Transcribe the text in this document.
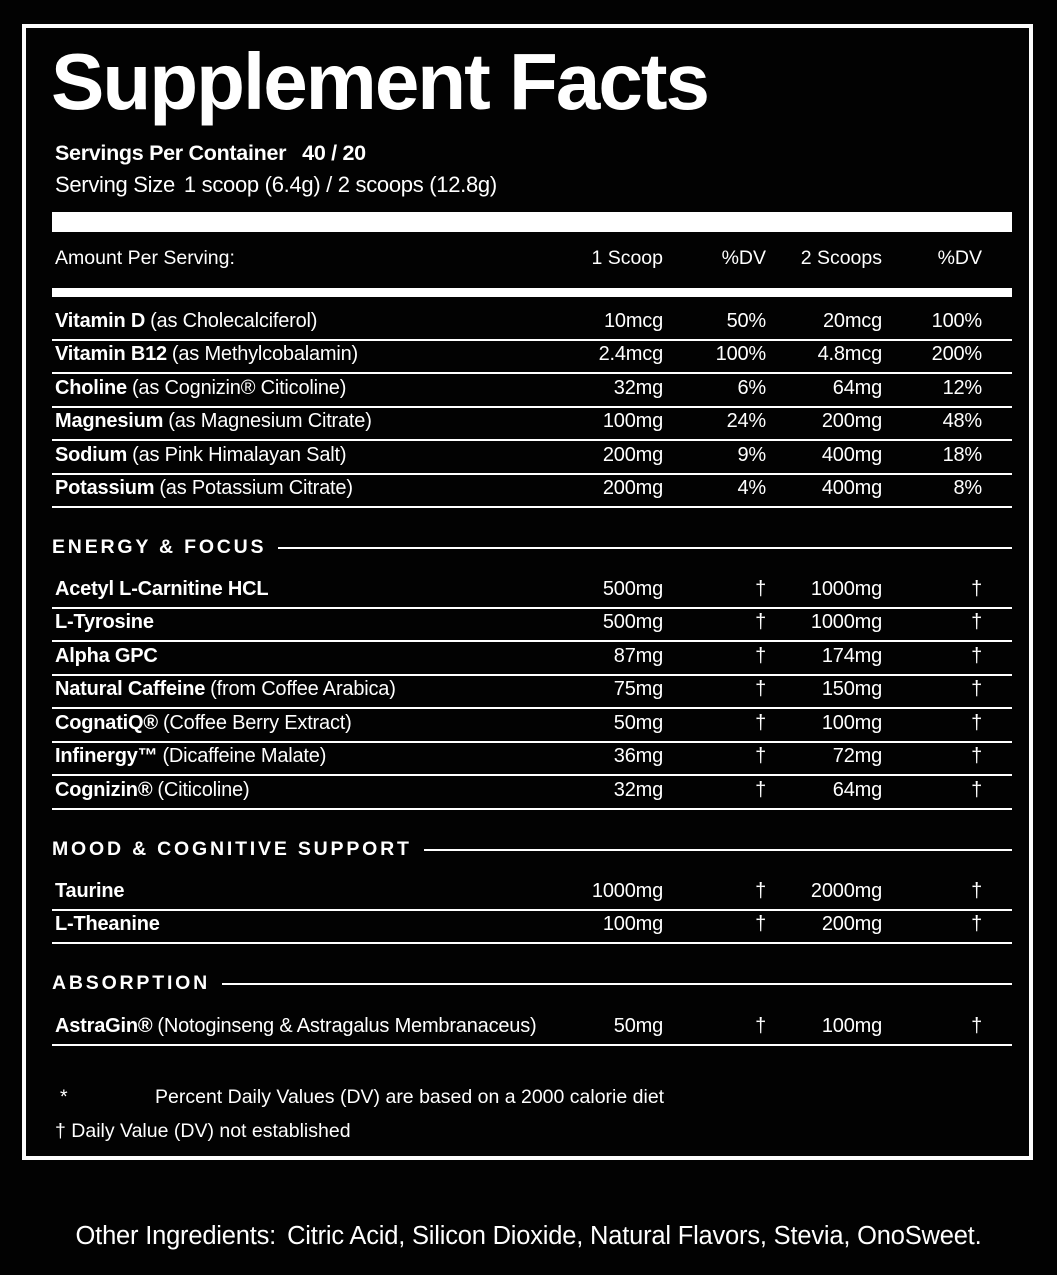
Supplement Facts
Servings Per Container 40 / 20
Serving Size 1 scoop (6.4g) / 2 scoops (12.8g)
Amount Per Serving:	1 Scoop	%DV 2 Scoops	%DV
Vitamin D (as Cholecalciferol)	10mcg	50%	20mcg 100%
Vitamin B12 (as Methylcobalamin)	2.4mcg	100%	4.8mcg 200%
Choline (as Cognizin® Citicoline)	32mg	6%	64mg	12%
Magnesium (as Magnesium Citrate)	100mg	24%	200mg	48%
Sodium (as Pink Himalayan Salt)	200mg	9%	400mg	18%
Potassium (as Potassium Citrate)	200mg	4%	400mg	8%
ENERGY & FOCUS
Acetyl L-Carnitine HCL	500mg	† 1000mg	†
L-Tyrosine	500mg	† 1000mg	†
Alpha GPC	87mg	†	174mg	†
Natural Caffeine (from Coffee Arabica)	75mg	†	150mg	†
CognatiQ® (Coffee Berry Extract)	50mg	†	100mg	†
Infinergy™ (Dicaffeine Malate)	36mg	†	72mg	†
Cognizin® (Citicoline)	32mg	†	64mg	†
MOOD & COGNITIVE SUPPORT
Taurine	1000mg	† 2000mg	†
L-Theanine	100mg	†	200mg	†
ABSORPTION
AstraGin® (Notoginseng & Astragalus Membranaceus)	50mg	†	100mg	†
*	Percent Daily Values (DV) are based on a 2000 calorie diet
† Daily Value (DV) not established
Other Ingredients: Citric Acid, Silicon Dioxide, Natural Flavors, Stevia, OnoSweet.
